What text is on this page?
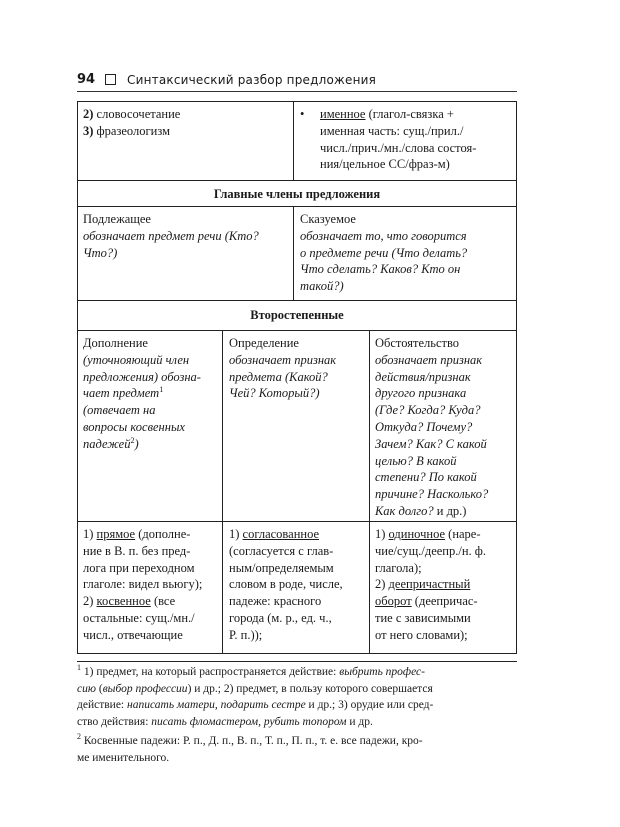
94	Синтаксический разбор предложения

2) словосочетание

3) фразеологизм

• именное (глагол-связка +

именная часть: сущ./прил./

числ./прич./мн./слова состоя-

ния/цельное СС/фраз-м)

Главные члены предложения

Подлежащее

обозначает предмет речи (Кто?

Что?)

Сказуемое

обозначает то, что говорится

о предмете речи (Что делать?

Что сделать? Каков? Кто он

такой?)

Второстепенные

Дополнение

(уточнояющий член

предложения) обозна-

чает предмет$^1$

(отвечает на

вопросы косвенных

падежей$^2$)

Определение

обозначает признак

предмета (Какой?

Чей? Который?)

Обстоятельство

обозначает признак

действия/признак

другого признака

(Где? Когда? Куда?

Откуда? Почему?

Зачем? Как? С какой

целью? В какой

степени? По какой

причине? Насколько?

Как долго? и др.)

1) прямое (дополне-

ние в В. п. без пред-

лога при переходном

глаголе: видел вьюгу);

2) косвенное (все

остальные: сущ./мн./

числ., отвечающие

1) согласованное

(согласуется с глав-

ным/определяемым

словом в роде, числе,

падеже: красного

города (м. р., ед. ч.,

Р. п.));

1) одиночное (наре-

чие/сущ./деепр./н. ф.

глагола);

2) деепричастный

оборот (деепричас-

тие с зависимыми

от него словами);

$^1$ 1) предмет, на который распространяется действие: выбрить профес-

сию (выбор профессии) и др.; 2) предмет, в пользу которого совершается

действие: написать матери, подарить сестре и др.; 3) орудие или сред-

ство действия: писать фломастером, рубить топором и др.

$^2$ Косвенные падежи: Р. п., Д. п., В. п., Т. п., П. п., т. е. все падежи, кро-

ме именительного.
